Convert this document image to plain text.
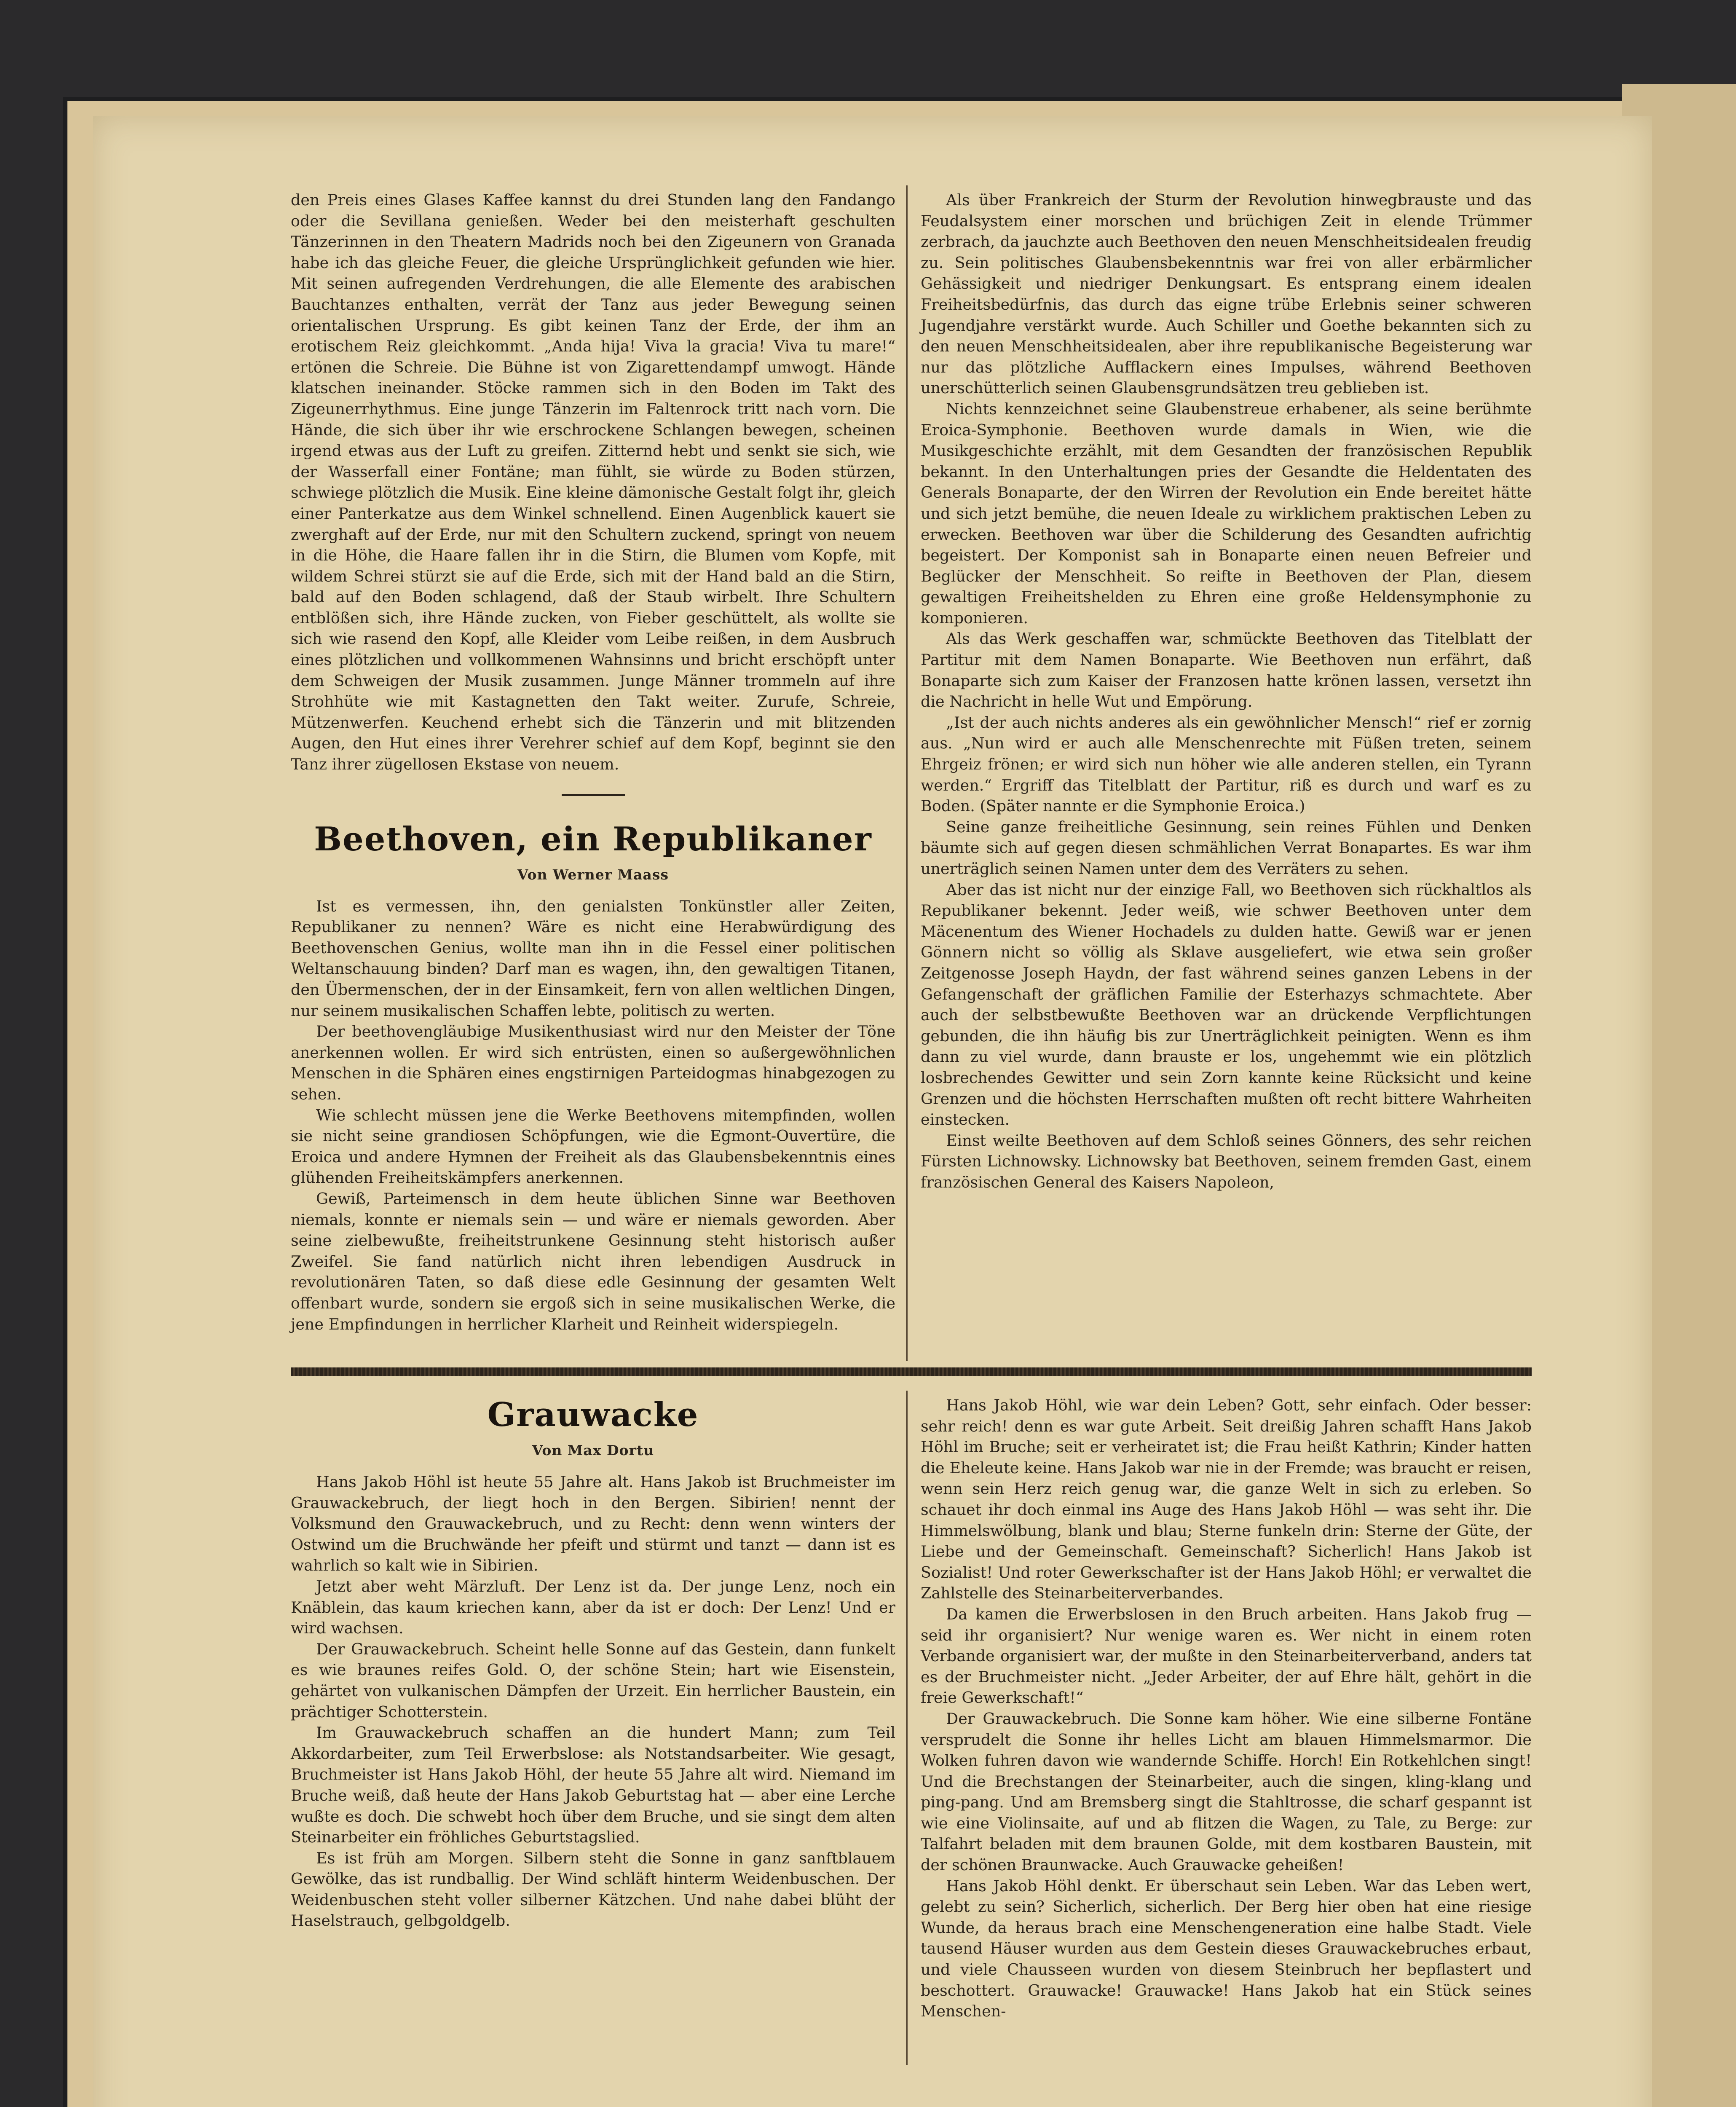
den Preis eines Glases Kaffee kannst du drei Stunden lang den Fandango oder die Sevillana genießen. Weder bei den meisterhaft geschulten Tänzerinnen in den Theatern Madrids noch bei den Zigeunern von Granada habe ich das gleiche Feuer, die gleiche Ursprünglichkeit gefunden wie hier. Mit seinen aufregenden Verdrehungen, die alle Elemente des arabischen Bauchtanzes enthalten, verrät der Tanz aus jeder Bewegung seinen orientalischen Ursprung. Es gibt keinen Tanz der Erde, der ihm an erotischem Reiz gleichkommt. „Anda hija! Viva la gracia! Viva tu mare!“ ertönen die Schreie. Die Bühne ist von Zigarettendampf umwogt. Hände klatschen ineinander. Stöcke rammen sich in den Boden im Takt des Zigeunerrhythmus. Eine junge Tänzerin im Faltenrock tritt nach vorn. Die Hände, die sich über ihr wie erschrockene Schlangen bewegen, scheinen irgend etwas aus der Luft zu greifen. Zitternd hebt und senkt sie sich, wie der Wasserfall einer Fontäne; man fühlt, sie würde zu Boden stürzen, schwiege plötzlich die Musik. Eine kleine dämonische Gestalt folgt ihr, gleich einer Panterkatze aus dem Winkel schnellend. Einen Augenblick kauert sie zwerghaft auf der Erde, nur mit den Schultern zuckend, springt von neuem in die Höhe, die Haare fallen ihr in die Stirn, die Blumen vom Kopfe, mit wildem Schrei stürzt sie auf die Erde, sich mit der Hand bald an die Stirn, bald auf den Boden schlagend, daß der Staub wirbelt. Ihre Schultern entblößen sich, ihre Hände zucken, von Fieber geschüttelt, als wollte sie sich wie rasend den Kopf, alle Kleider vom Leibe reißen, in dem Ausbruch eines plötzlichen und vollkommenen Wahnsinns und bricht erschöpft unter dem Schweigen der Musik zusammen. Junge Männer trommeln auf ihre Strohhüte wie mit Kastagnetten den Takt weiter. Zurufe, Schreie, Mützenwerfen. Keuchend erhebt sich die Tänzerin und mit blitzenden Augen, den Hut eines ihrer Verehrer schief auf dem Kopf, beginnt sie den Tanz ihrer zügellosen Ekstase von neuem.

Beethoven, ein Republikaner
Von Werner Maass

Ist es vermessen, ihn, den genialsten Tonkünstler aller Zeiten, Republikaner zu nennen? Wäre es nicht eine Herabwürdigung des Beethovenschen Genius, wollte man ihn in die Fessel einer politischen Weltanschauung binden? Darf man es wagen, ihn, den gewaltigen Titanen, den Übermenschen, der in der Einsamkeit, fern von allen weltlichen Dingen, nur seinem musikalischen Schaffen lebte, politisch zu werten.

Der beethovengläubige Musikenthusiast wird nur den Meister der Töne anerkennen wollen. Er wird sich entrüsten, einen so außergewöhnlichen Menschen in die Sphären eines engstirnigen Parteidogmas hinabgezogen zu sehen.

Wie schlecht müssen jene die Werke Beethovens mitempfinden, wollen sie nicht seine grandiosen Schöpfungen, wie die Egmont-Ouvertüre, die Eroica und andere Hymnen der Freiheit als das Glaubensbekenntnis eines glühenden Freiheitskämpfers anerkennen.

Gewiß, Parteimensch in dem heute üblichen Sinne war Beethoven niemals, konnte er niemals sein — und wäre er niemals geworden. Aber seine zielbewußte, freiheitstrunkene Gesinnung steht historisch außer Zweifel. Sie fand natürlich nicht ihren lebendigen Ausdruck in revolutionären Taten, so daß diese edle Gesinnung der gesamten Welt offenbart wurde, sondern sie ergoß sich in seine musikalischen Werke, die jene Empfindungen in herrlicher Klarheit und Reinheit widerspiegeln.

Als über Frankreich der Sturm der Revolution hinwegbrauste und das Feudalsystem einer morschen und brüchigen Zeit in elende Trümmer zerbrach, da jauchzte auch Beethoven den neuen Menschheitsidealen freudig zu. Sein politisches Glaubensbekenntnis war frei von aller erbärmlicher Gehässigkeit und niedriger Denkungsart. Es entsprang einem idealen Freiheitsbedürfnis, das durch das eigne trübe Erlebnis seiner schweren Jugendjahre verstärkt wurde. Auch Schiller und Goethe bekannten sich zu den neuen Menschheitsidealen, aber ihre republikanische Begeisterung war nur das plötzliche Aufflackern eines Impulses, während Beethoven unerschütterlich seinen Glaubensgrundsätzen treu geblieben ist.

Nichts kennzeichnet seine Glaubenstreue erhabener, als seine berühmte Eroica-Symphonie. Beethoven wurde damals in Wien, wie die Musikgeschichte erzählt, mit dem Gesandten der französischen Republik bekannt. In den Unterhaltungen pries der Gesandte die Heldentaten des Generals Bonaparte, der den Wirren der Revolution ein Ende bereitet hätte und sich jetzt bemühe, die neuen Ideale zu wirklichem praktischen Leben zu erwecken. Beethoven war über die Schilderung des Gesandten aufrichtig begeistert. Der Komponist sah in Bonaparte einen neuen Befreier und Beglücker der Menschheit. So reifte in Beethoven der Plan, diesem gewaltigen Freiheitshelden zu Ehren eine große Heldensymphonie zu komponieren.

Als das Werk geschaffen war, schmückte Beethoven das Titelblatt der Partitur mit dem Namen Bonaparte. Wie Beethoven nun erfährt, daß Bonaparte sich zum Kaiser der Franzosen hatte krönen lassen, versetzt ihn die Nachricht in helle Wut und Empörung.

„Ist der auch nichts anderes als ein gewöhnlicher Mensch!“ rief er zornig aus. „Nun wird er auch alle Menschenrechte mit Füßen treten, seinem Ehrgeiz frönen; er wird sich nun höher wie alle anderen stellen, ein Tyrann werden.“ Ergriff das Titelblatt der Partitur, riß es durch und warf es zu Boden. (Später nannte er die Symphonie Eroica.)

Seine ganze freiheitliche Gesinnung, sein reines Fühlen und Denken bäumte sich auf gegen diesen schmählichen Verrat Bonapartes. Es war ihm unerträglich seinen Namen unter dem des Verräters zu sehen.

Aber das ist nicht nur der einzige Fall, wo Beethoven sich rückhaltlos als Republikaner bekennt. Jeder weiß, wie schwer Beethoven unter dem Mäcenentum des Wiener Hochadels zu dulden hatte. Gewiß war er jenen Gönnern nicht so völlig als Sklave ausgeliefert, wie etwa sein großer Zeitgenosse Joseph Haydn, der fast während seines ganzen Lebens in der Gefangenschaft der gräflichen Familie der Esterhazys schmachtete. Aber auch der selbstbewußte Beethoven war an drückende Verpflichtungen gebunden, die ihn häufig bis zur Unerträglichkeit peinigten. Wenn es ihm dann zu viel wurde, dann brauste er los, ungehemmt wie ein plötzlich losbrechendes Gewitter und sein Zorn kannte keine Rücksicht und keine Grenzen und die höchsten Herrschaften mußten oft recht bittere Wahrheiten einstecken.

Einst weilte Beethoven auf dem Schloß seines Gönners, des sehr reichen Fürsten Lichnowsky. Lichnowsky bat Beethoven, seinem fremden Gast, einem französischen General des Kaisers Napoleon,

Grauwacke
Von Max Dortu

Hans Jakob Höhl ist heute 55 Jahre alt. Hans Jakob ist Bruchmeister im Grauwackebruch, der liegt hoch in den Bergen. Sibirien! nennt der Volksmund den Grauwackebruch, und zu Recht: denn wenn winters der Ostwind um die Bruchwände her pfeift und stürmt und tanzt — dann ist es wahrlich so kalt wie in Sibirien.

Jetzt aber weht Märzluft. Der Lenz ist da. Der junge Lenz, noch ein Knäblein, das kaum kriechen kann, aber da ist er doch: Der Lenz! Und er wird wachsen.

Der Grauwackebruch. Scheint helle Sonne auf das Gestein, dann funkelt es wie braunes reifes Gold. O, der schöne Stein; hart wie Eisenstein, gehärtet von vulkanischen Dämpfen der Urzeit. Ein herrlicher Baustein, ein prächtiger Schotterstein.

Im Grauwackebruch schaffen an die hundert Mann; zum Teil Akkordarbeiter, zum Teil Erwerbslose: als Notstandsarbeiter. Wie gesagt, Bruchmeister ist Hans Jakob Höhl, der heute 55 Jahre alt wird. Niemand im Bruche weiß, daß heute der Hans Jakob Geburtstag hat — aber eine Lerche wußte es doch. Die schwebt hoch über dem Bruche, und sie singt dem alten Steinarbeiter ein fröhliches Geburtstagslied.

Es ist früh am Morgen. Silbern steht die Sonne in ganz sanftblauem Gewölke, das ist rundballig. Der Wind schläft hinterm Weidenbuschen. Der Weidenbuschen steht voller silberner Kätzchen. Und nahe dabei blüht der Haselstrauch, gelbgoldgelb.

Hans Jakob Höhl, wie war dein Leben? Gott, sehr einfach. Oder besser: sehr reich! denn es war gute Arbeit. Seit dreißig Jahren schafft Hans Jakob Höhl im Bruche; seit er verheiratet ist; die Frau heißt Kathrin; Kinder hatten die Eheleute keine. Hans Jakob war nie in der Fremde; was braucht er reisen, wenn sein Herz reich genug war, die ganze Welt in sich zu erleben. So schauet ihr doch einmal ins Auge des Hans Jakob Höhl — was seht ihr. Die Himmelswölbung, blank und blau; Sterne funkeln drin: Sterne der Güte, der Liebe und der Gemeinschaft. Gemeinschaft? Sicherlich! Hans Jakob ist Sozialist! Und roter Gewerkschafter ist der Hans Jakob Höhl; er verwaltet die Zahlstelle des Steinarbeiterverbandes.

Da kamen die Erwerbslosen in den Bruch arbeiten. Hans Jakob frug — seid ihr organisiert? Nur wenige waren es. Wer nicht in einem roten Verbande organisiert war, der mußte in den Steinarbeiterverband, anders tat es der Bruchmeister nicht. „Jeder Arbeiter, der auf Ehre hält, gehört in die freie Gewerkschaft!“

Der Grauwackebruch. Die Sonne kam höher. Wie eine silberne Fontäne versprudelt die Sonne ihr helles Licht am blauen Himmelsmarmor. Die Wolken fuhren davon wie wandernde Schiffe. Horch! Ein Rotkehlchen singt! Und die Brechstangen der Steinarbeiter, auch die singen, kling-klang und ping-pang. Und am Bremsberg singt die Stahltrosse, die scharf gespannt ist wie eine Violinsaite, auf und ab flitzen die Wagen, zu Tale, zu Berge: zur Talfahrt beladen mit dem braunen Golde, mit dem kostbaren Baustein, mit der schönen Braunwacke. Auch Grauwacke geheißen!

Hans Jakob Höhl denkt. Er überschaut sein Leben. War das Leben wert, gelebt zu sein? Sicherlich, sicherlich. Der Berg hier oben hat eine riesige Wunde, da heraus brach eine Menschengeneration eine halbe Stadt. Viele tausend Häuser wurden aus dem Gestein dieses Grauwackebruches erbaut, und viele Chausseen wurden von diesem Steinbruch her bepflastert und beschottert. Grauwacke! Grauwacke! Hans Jakob hat ein Stück seines Menschen-
